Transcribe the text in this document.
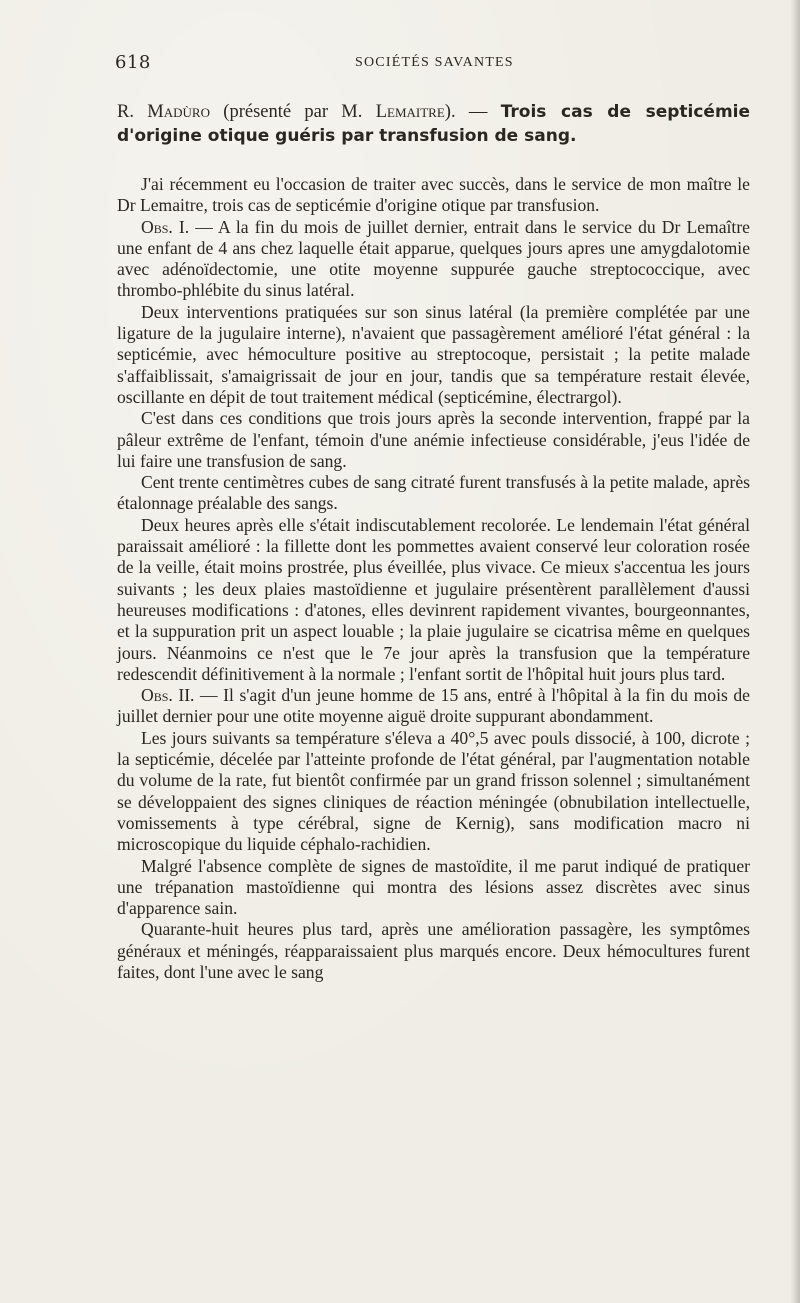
618	SOCIÉTÉS SAVANTES
R. Madùro (présenté par M. Lemaitre). — Trois cas de septicémie d'origine otique guéris par transfusion de sang.

J'ai récemment eu l'occasion de traiter avec succès, dans le service de mon maître le Dr Lemaitre, trois cas de septicémie d'origine otique par transfusion.

Obs. I. — A la fin du mois de juillet dernier, entrait dans le service du Dr Lemaître une enfant de 4 ans chez laquelle était apparue, quelques jours apres une amygdalotomie avec adénoïdectomie, une otite moyenne suppurée gauche streptococcique, avec thrombo-phlébite du sinus latéral.

Deux interventions pratiquées sur son sinus latéral (la première complétée par une ligature de la jugulaire interne), n'avaient que passagèrement amélioré l'état général : la septicémie, avec hémoculture positive au streptocoque, persistait ; la petite malade s'affaiblissait, s'amaigrissait de jour en jour, tandis que sa température restait élevée, oscillante en dépit de tout traitement médical (septicémine, électrargol).

C'est dans ces conditions que trois jours après la seconde intervention, frappé par la pâleur extrême de l'enfant, témoin d'une anémie infectieuse considérable, j'eus l'idée de lui faire une transfusion de sang.

Cent trente centimètres cubes de sang citraté furent transfusés à la petite malade, après étalonnage préalable des sangs.

Deux heures après elle s'était indiscutablement recolorée. Le lendemain l'état général paraissait amélioré : la fillette dont les pommettes avaient conservé leur coloration rosée de la veille, était moins prostrée, plus éveillée, plus vivace. Ce mieux s'accentua les jours suivants ; les deux plaies mastoïdienne et jugulaire présentèrent parallèlement d'aussi heureuses modifications : d'atones, elles devinrent rapidement vivantes, bourgeonnantes, et la suppuration prit un aspect louable ; la plaie jugulaire se cicatrisa même en quelques jours. Néanmoins ce n'est que le 7e jour après la transfusion que la température redescendit définitivement à la normale ; l'enfant sortit de l'hôpital huit jours plus tard.

Obs. II. — Il s'agit d'un jeune homme de 15 ans, entré à l'hôpital à la fin du mois de juillet dernier pour une otite moyenne aiguë droite suppurant abondamment.

Les jours suivants sa température s'éleva a 40°,5 avec pouls dissocié, à 100, dicrote ; la septicémie, décelée par l'atteinte profonde de l'état général, par l'augmentation notable du volume de la rate, fut bientôt confirmée par un grand frisson solennel ; simultanément se développaient des signes cliniques de réaction méningée (obnubilation intellectuelle, vomissements à type cérébral, signe de Kernig), sans modification macro ni microscopique du liquide céphalo-rachidien.

Malgré l'absence complète de signes de mastoïdite, il me parut indiqué de pratiquer une trépanation mastoïdienne qui montra des lésions assez discrètes avec sinus d'apparence sain.

Quarante-huit heures plus tard, après une amélioration passagère, les symptômes généraux et méningés, réapparaissaient plus marqués encore. Deux hémocultures furent faites, dont l'une avec le sang
